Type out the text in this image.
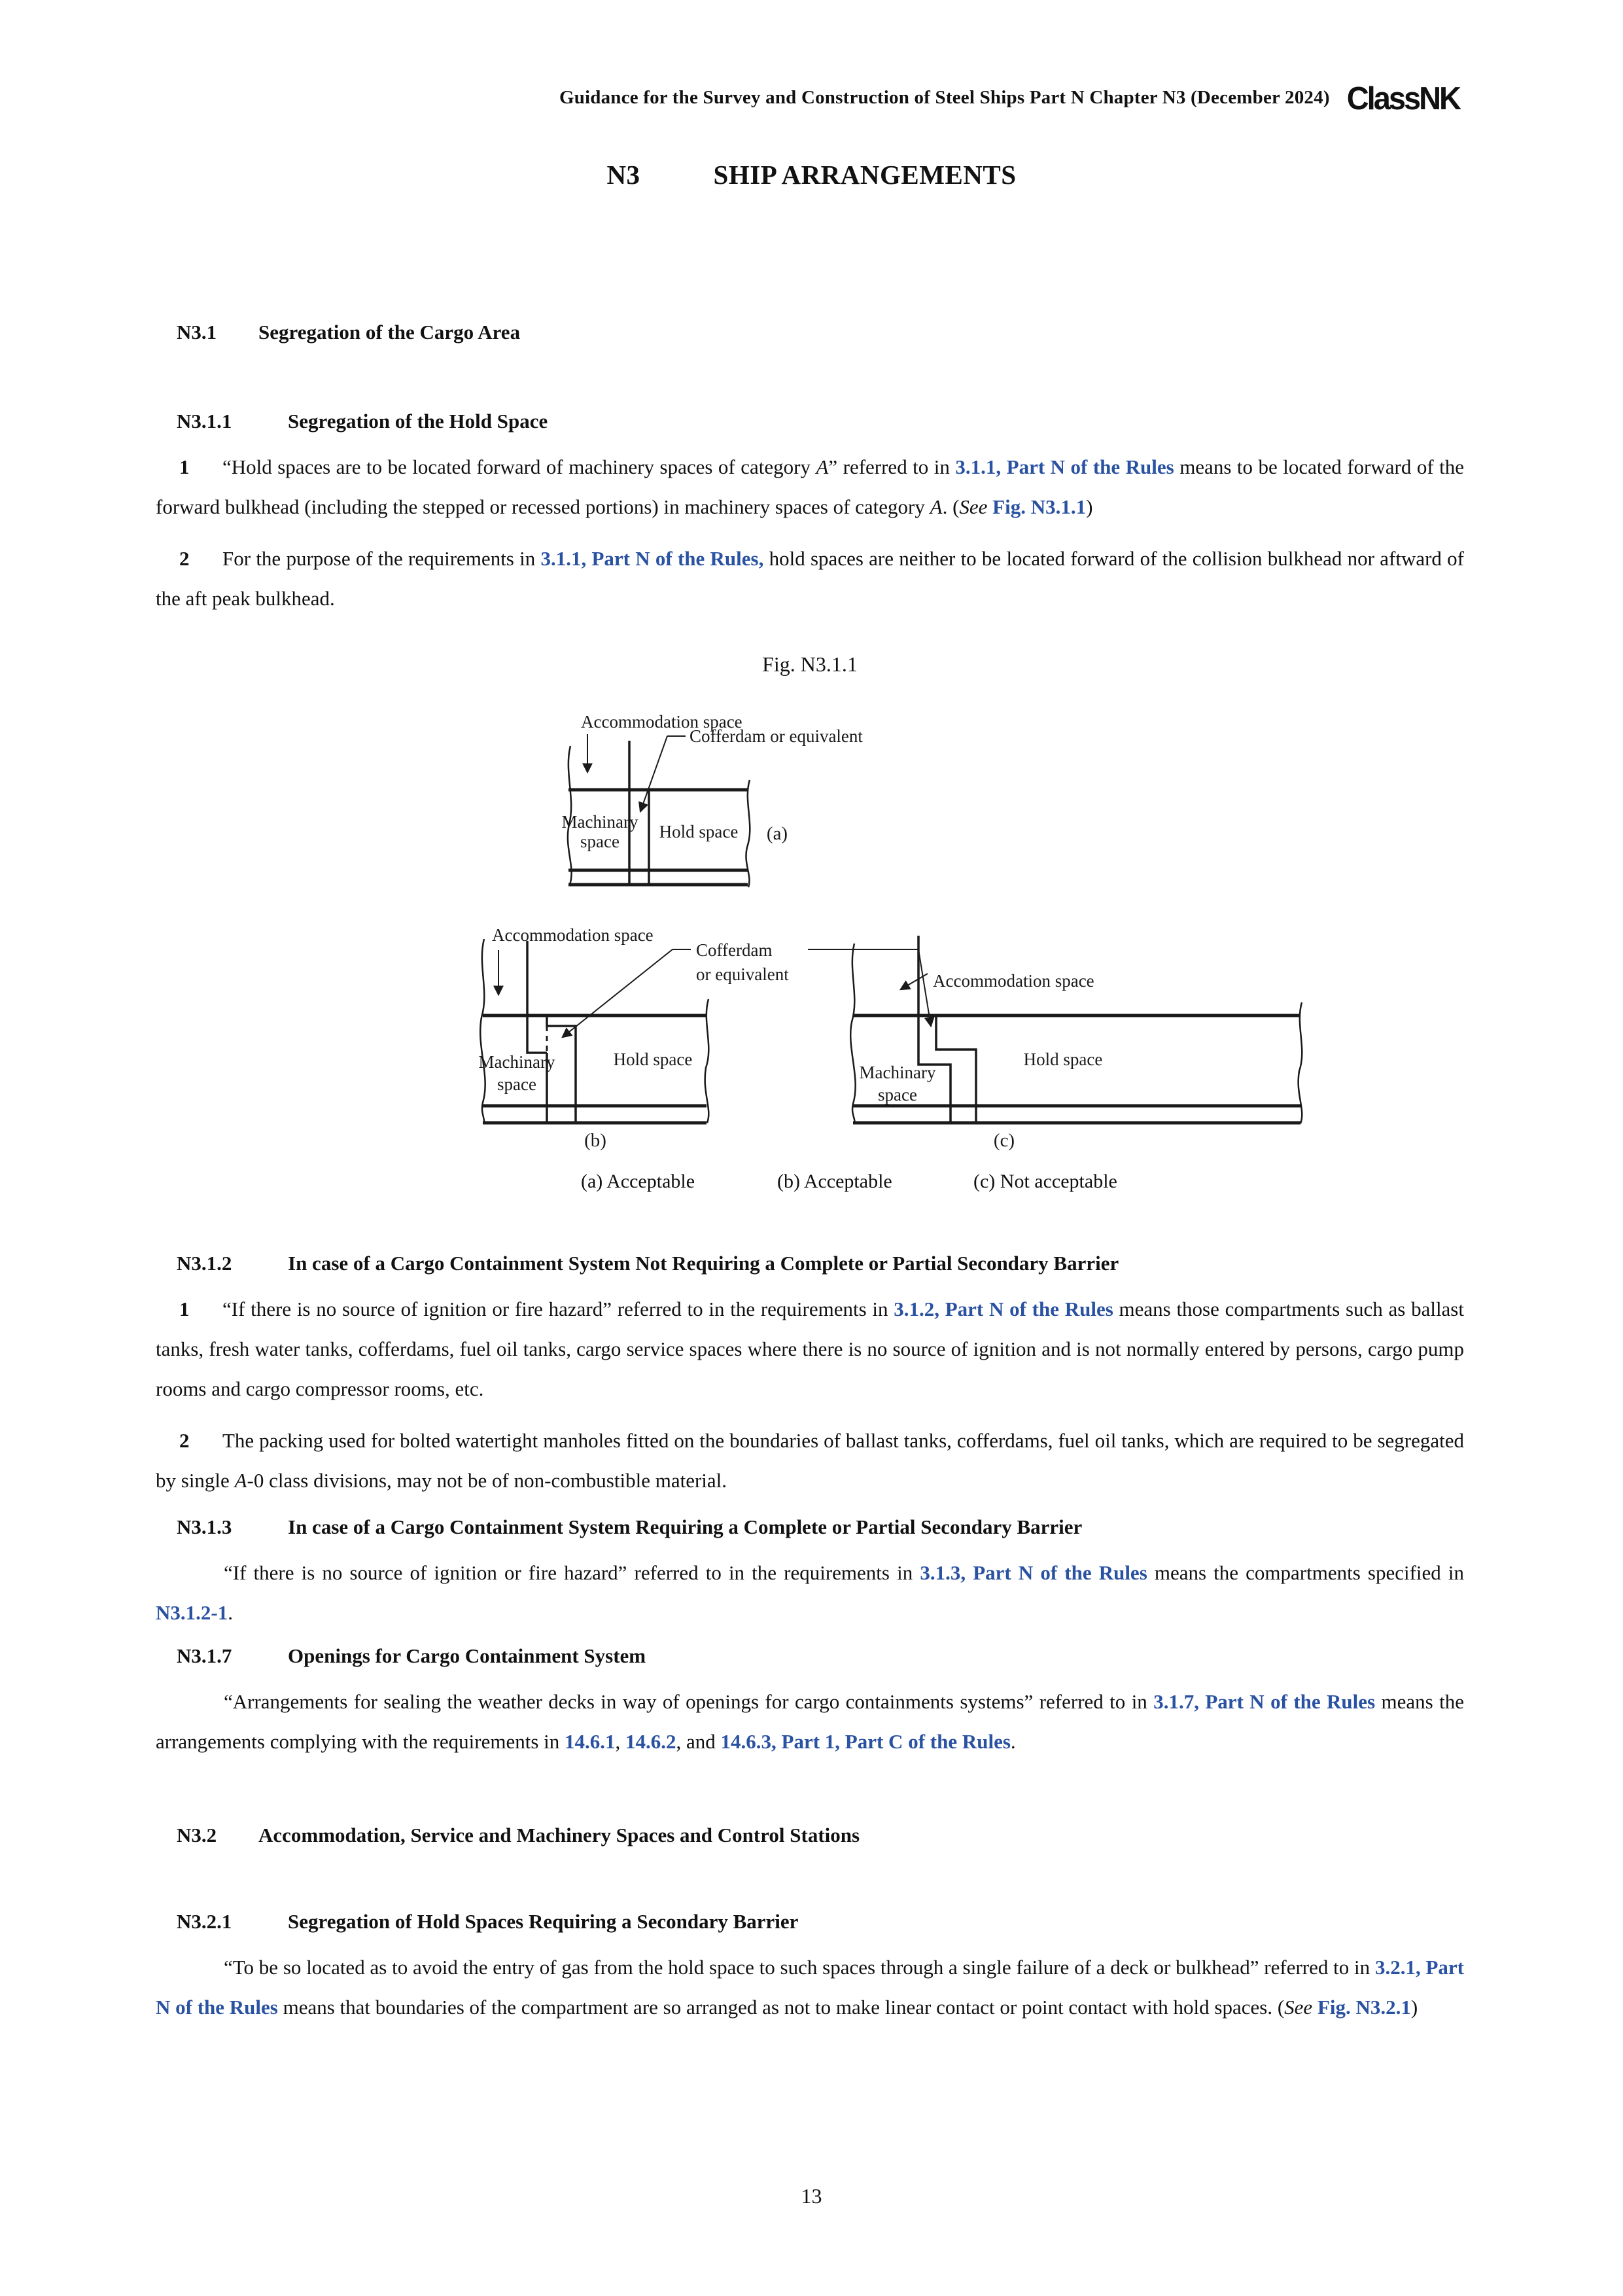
Guidance for the Survey and Construction of Steel Ships Part N Chapter N3 (December 2024) ClassNK
N3	SHIP ARRANGEMENTS
N3.1 Segregation of the Cargo Area
N3.1.1	Segregation of the Hold Space

1 “Hold spaces are to be located forward of machinery spaces of category A” referred to in 3.1.1, Part N of the Rules means to be located forward of the forward bulkhead (including the stepped or recessed portions) in machinery spaces of category A. (See Fig. N3.1.1)

2 For the purpose of the requirements in 3.1.1, Part N of the Rules, hold spaces are neither to be located forward of the collision bulkhead nor aftward of the aft peak bulkhead.

Fig. N3.1.1
Accommodation space
Cofferdam or equivalent
Machinary
space Hold space (a)
Accommodation space
Cofferdam
or equivalent
Machinary
space
Hold space
(b)
Accommodation space
Machinary
space
Hold space
(c)
(a) Acceptable	(b) Acceptable	(c) Not acceptable
N3.1.2	In case of a Cargo Containment System Not Requiring a Complete or Partial Secondary Barrier

1 “If there is no source of ignition or fire hazard” referred to in the requirements in 3.1.2, Part N of the Rules means those compartments such as ballast tanks, fresh water tanks, cofferdams, fuel oil tanks, cargo service spaces where there is no source of ignition and is not normally entered by persons, cargo pump rooms and cargo compressor rooms, etc.

2 The packing used for bolted watertight manholes fitted on the boundaries of ballast tanks, cofferdams, fuel oil tanks, which are required to be segregated by single A-0 class divisions, may not be of non-combustible material.

N3.1.3	In case of a Cargo Containment System Requiring a Complete or Partial Secondary Barrier

“If there is no source of ignition or fire hazard” referred to in the requirements in 3.1.3, Part N of the Rules means the compartments specified in N3.1.2-1.

N3.1.7	Openings for Cargo Containment System

“Arrangements for sealing the weather decks in way of openings for cargo containments systems” referred to in 3.1.7, Part N of the Rules means the arrangements complying with the requirements in 14.6.1, 14.6.2, and 14.6.3, Part 1, Part C of the Rules.

N3.2 Accommodation, Service and Machinery Spaces and Control Stations
N3.2.1	Segregation of Hold Spaces Requiring a Secondary Barrier

“To be so located as to avoid the entry of gas from the hold space to such spaces through a single failure of a deck or bulkhead” referred to in 3.2.1, Part N of the Rules means that boundaries of the compartment are so arranged as not to make linear contact or point contact with hold spaces. (See Fig. N3.2.1)

13
